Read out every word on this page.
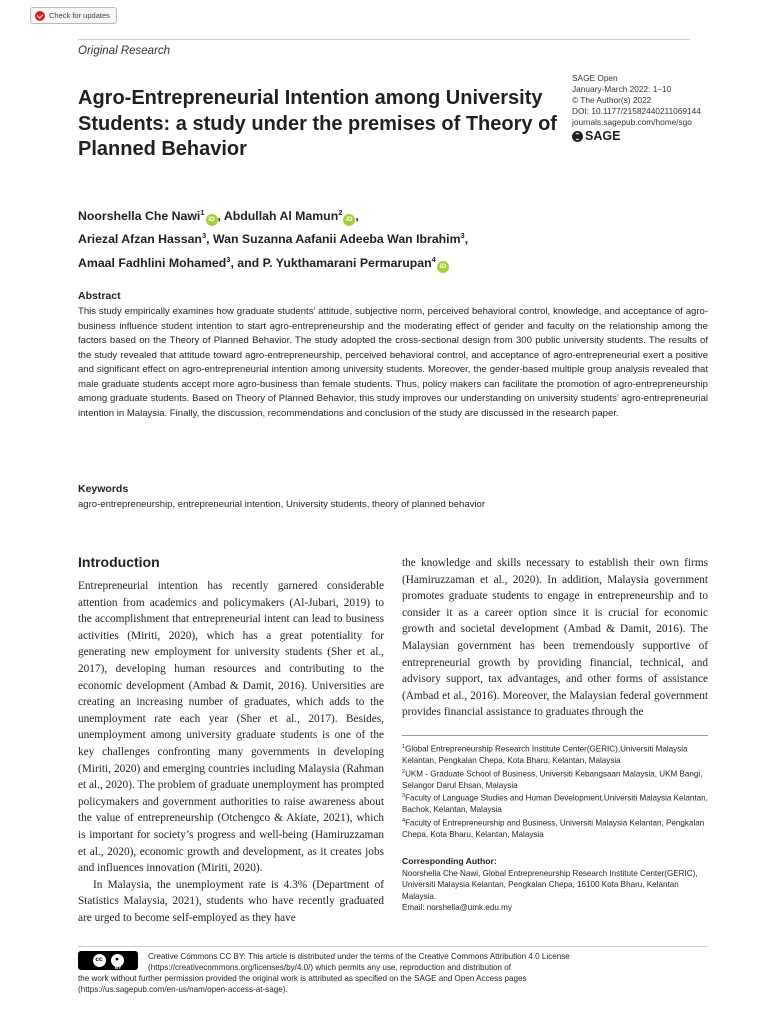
Check for updates
Original Research
SAGE Open
January-March 2022: 1–10
© The Author(s) 2022
DOI: 10.1177/21582440211069144
journals.sagepub.com/home/sgo
SAGE
Agro-Entrepreneurial Intention among University Students: a study under the premises of Theory of Planned Behavior
Noorshella Che Nawi$^1$iD , Abdullah Al Mamun$^2$iD ,
Ariezal Afzan Hassan$^3$, Wan Suzanna Aafanii Adeeba Wan Ibrahim$^3$,
Amaal Fadhlini Mohamed$^3$, and P. Yukthamarani Permarupan$^4$iD
Abstract
This study empirically examines how graduate students’ attitude, subjective norm, perceived behavioral control, knowledge, and acceptance of agro-business influence student intention to start agro-entrepreneurship and the moderating effect of gender and faculty on the relationship among the factors based on the Theory of Planned Behavior. The study adopted the cross-sectional design from 300 public university students. The results of the study revealed that attitude toward agro-entrepreneurship, perceived behavioral control, and acceptance of agro-entrepreneurial exert a positive and significant effect on agro-entrepreneurial intention among university students. Moreover, the gender-based multiple group analysis revealed that male graduate students accept more agro-business than female students. Thus, policy makers can facilitate the promotion of agro-entrepreneurship among graduate students. Based on Theory of Planned Behavior, this study improves our understanding on university students’ agro-entrepreneurial intention in Malaysia. Finally, the discussion, recommendations and conclusion of the study are discussed in the research paper.
Keywords
agro-entrepreneurship, entrepreneurial intention, University students, theory of planned behavior
Introduction

Entrepreneurial intention has recently garnered considerable attention from academics and policymakers (Al-Jubari, 2019) to the accomplishment that entrepreneurial intent can lead to business activities (Miriti, 2020), which has a great potentiality for generating new employment for university students (Sher et al., 2017), developing human resources and contributing to the economic development (Ambad & Damit, 2016). Universities are creating an increasing number of graduates, which adds to the unemployment rate each year (Sher et al., 2017). Besides, unemployment among university graduate students is one of the key challenges confronting many governments in developing (Miriti, 2020) and emerging countries including Malaysia (Rahman et al., 2020). The problem of graduate unemployment has prompted policymakers and government authorities to raise awareness about the value of entrepreneurship (Otchengco & Akiate, 2021), which is important for society’s progress and well-being (Hamiruzzaman et al., 2020), economic growth and development, as it creates jobs and influences innovation (Miriti, 2020).

In Malaysia, the unemployment rate is 4.3% (Department of Statistics Malaysia, 2021), students who have recently graduated are urged to become self-employed as they have

the knowledge and skills necessary to establish their own firms (Hamiruzzaman et al., 2020). In addition, Malaysia government promotes graduate students to engage in entrepreneurship and to consider it as a career option since it is crucial for economic growth and societal development (Ambad & Damit, 2016). The Malaysian government has been tremendously supportive of entrepreneurial growth by providing financial, technical, and advisory support, tax advantages, and other forms of assistance (Ambad et al., 2016). Moreover, the Malaysian federal government provides financial assistance to graduates through the

$^1$Global Entrepreneurship Research Institute Center(GERIC),Universiti Malaysia Kelantan, Pengkalan Chepa, Kota Bharu, Kelantan, Malaysia
$^2$UKM - Graduate School of Business, Universiti Kebangsaan Malaysia, UKM Bangi, Selangor Darul Ehsan, Malaysia
$^3$Faculty of Language Studies and Human Development,Universiti Malaysia Kelantan, Bachok, Kelantan, Malaysia
$^4$Faculty of Entrepreneurship and Business, Universiti Malaysia Kelantan, Pengkalan Chepa, Kota Bharu, Kelantan, Malaysia
Corresponding Author:
Noorshella Che Nawi, Global Entrepreneurship Research Institute Center(GERIC), Universiti Malaysia Kelantan, Pengkalan Chepa, 16100 Kota Bharu, Kelantan Malaysia.
Email: norshella@umk.edu.my
Creative Commons CC BY: This article is distributed under the terms of the Creative Commons Attribution 4.0 License
(https://creativecommons.org/licenses/by/4.0/) which permits any use, reproduction and distribution of
the work without further permission provided the original work is attributed as specified on the SAGE and Open Access pages
(https://us.sagepub.com/en-us/nam/open-access-at-sage).
cc	●
BY
